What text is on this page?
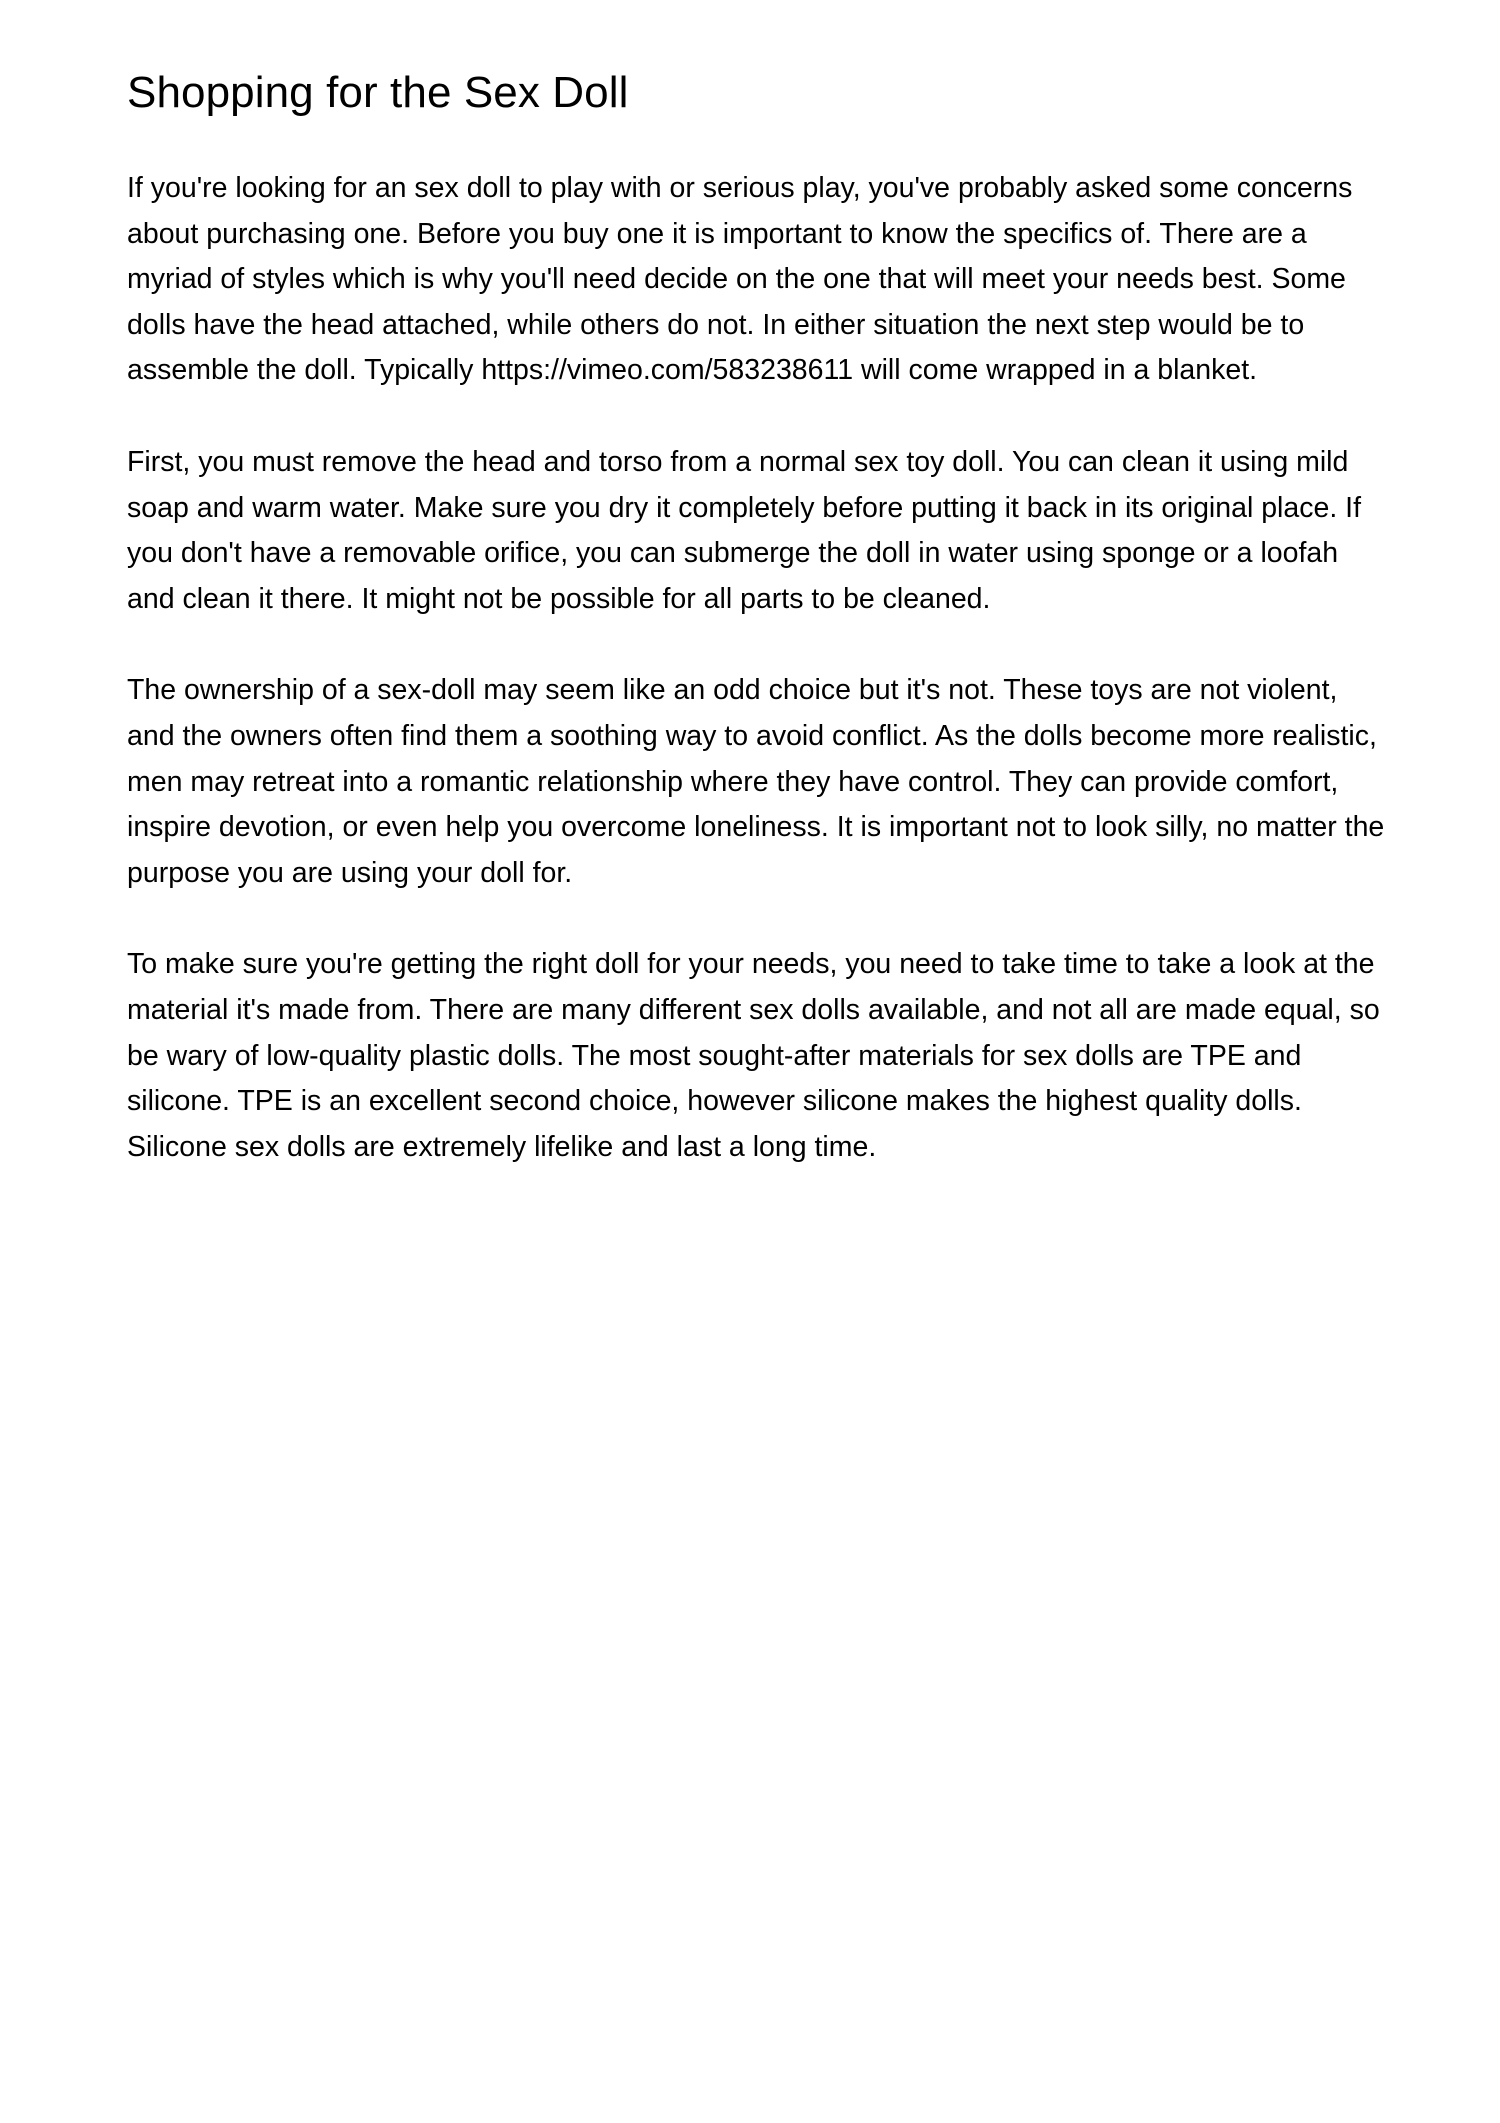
Shopping for the Sex Doll

If you're looking for an sex doll to play with or serious play, you've probably asked some concerns about purchasing one. Before you buy one it is important to know the specifics of. There are a myriad of styles which is why you'll need decide on the one that will meet your needs best. Some dolls have the head attached, while others do not. In either situation the next step would be to assemble the doll. Typically https://vimeo.com/583238611 will come wrapped in a blanket.

First, you must remove the head and torso from a normal sex toy doll. You can clean it using mild soap and warm water. Make sure you dry it completely before putting it back in its original place. If you don't have a removable orifice, you can submerge the doll in water using sponge or a loofah and clean it there. It might not be possible for all parts to be cleaned.

The ownership of a sex-doll may seem like an odd choice but it's not. These toys are not violent, and the owners often find them a soothing way to avoid conflict. As the dolls become more realistic, men may retreat into a romantic relationship where they have control. They can provide comfort, inspire devotion, or even help you overcome loneliness. It is important not to look silly, no matter the purpose you are using your doll for.

To make sure you're getting the right doll for your needs, you need to take time to take a look at the material it's made from. There are many different sex dolls available, and not all are made equal, so be wary of low-quality plastic dolls. The most sought-after materials for sex dolls are TPE and silicone. TPE is an excellent second choice, however silicone makes the highest quality dolls. Silicone sex dolls are extremely lifelike and last a long time.
